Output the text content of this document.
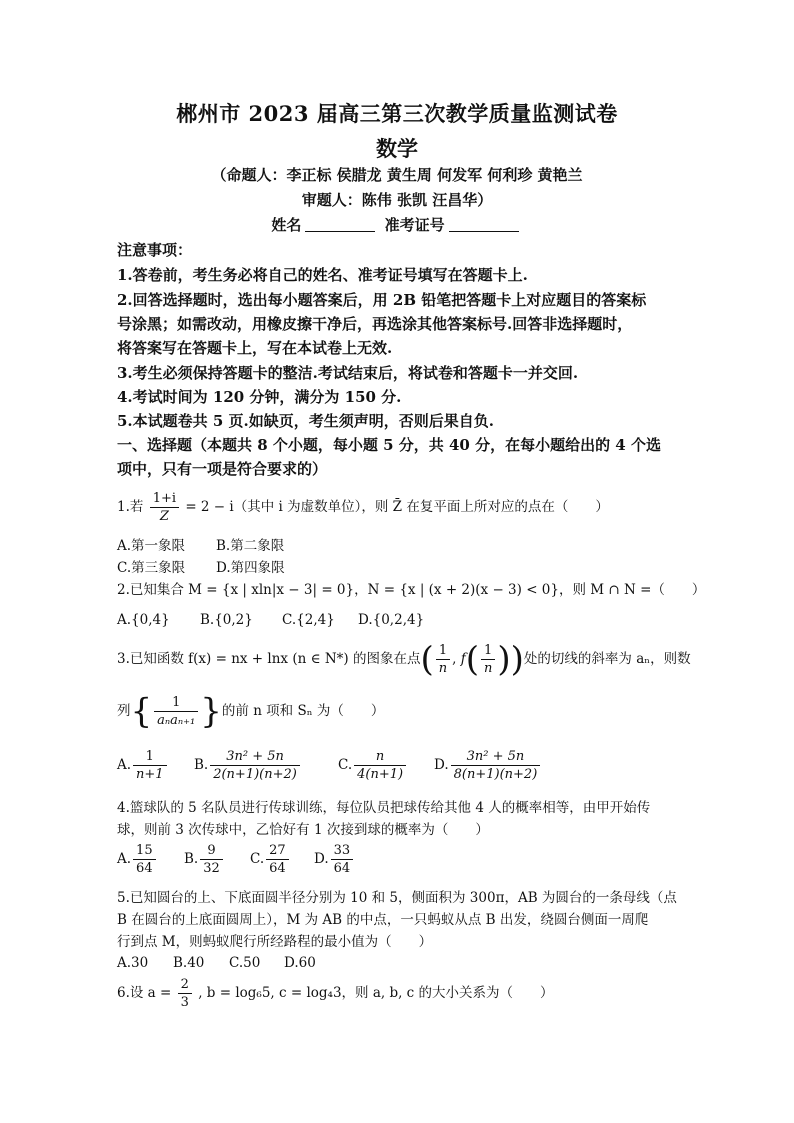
郴州市 2023 届高三第三次教学质量监测试卷
数学
（命题人：李正标 侯腊龙 黄生周 何发军 何利珍 黄艳兰
审题人：陈伟 张凯 汪昌华）
姓名	准考证号
注意事项：
1.答卷前，考生务必将自己的姓名、准考证号填写在答题卡上.
2.回答选择题时，选出每小题答案后，用 2B 铅笔把答题卡上对应题目的答案标
号涂黑；如需改动，用橡皮擦干净后，再选涂其他答案标号.回答非选择题时，
将答案写在答题卡上，写在本试卷上无效.
3.考生必须保持答题卡的整洁.考试结束后，将试卷和答题卡一并交回.
4.考试时间为 120 分钟，满分为 150 分.
5.本试题卷共 5 页.如缺页，考生须声明，否则后果自负.
一、选择题（本题共 8 个小题，每小题 5 分，共 40 分，在每小题给出的 4 个选
项中，只有一项是符合要求的）
1.若 $\frac{1+i}{Z} = 2 - i$（其中 i 为虚数单位），则 Z̄ 在复平面上所对应的点在（　　）
A.第一象限 B.第二象限
C.第三象限 D.第四象限
2.已知集合 M = {x | xln|x − 3| = 0}，N = {x | (x + 2)(x − 3) < 0}，则 M ∩ N =（　　）
A.{0,4} B.{0,2} C.{2,4} D.{0,2,4}
3.已知函数 f(x) = nx + lnx (n ∈ N*) 的图象在点( $\frac{1}{n}$ , $f( \frac{1}{n}$ ))处的切线的斜率为 aₙ，则数
列{ $\frac{1}{\text{aₙaₙ₊₁}}$ }的前 n 项和 Sₙ 为（　　）
A. $\frac{1}{n+1} B$. $\frac{\text{3n² + 5n}}{2(n+1)(n+2)}$	C. $\frac{n}{4(n+1)} D$. $\frac{\text{3n² + 5n}}{8(n+1)(n+2)}$
4.篮球队的 5 名队员进行传球训练，每位队员把球传给其他 4 人的概率相等，由甲开始传
球，则前 3 次传球中，乙恰好有 1 次接到球的概率为（　　）
A. $\frac{15}{64} B$. $\frac{9}{32} C$. $\frac{27}{64} D$. $\frac{33}{64}$
5.已知圆台的上、下底面圆半径分别为 10 和 5，侧面积为 300π，AB 为圆台的一条母线（点
B 在圆台的上底面圆周上），M 为 AB 的中点，一只蚂蚁从点 B 出发，绕圆台侧面一周爬
行到点 M，则蚂蚁爬行所经路程的最小值为（　　）
A.30 B.40 C.50 D.60
6.设 $a = \frac{2}{3}$ , b = log₆5, c = log₄3，则 a, b, c 的大小关系为（　　）
